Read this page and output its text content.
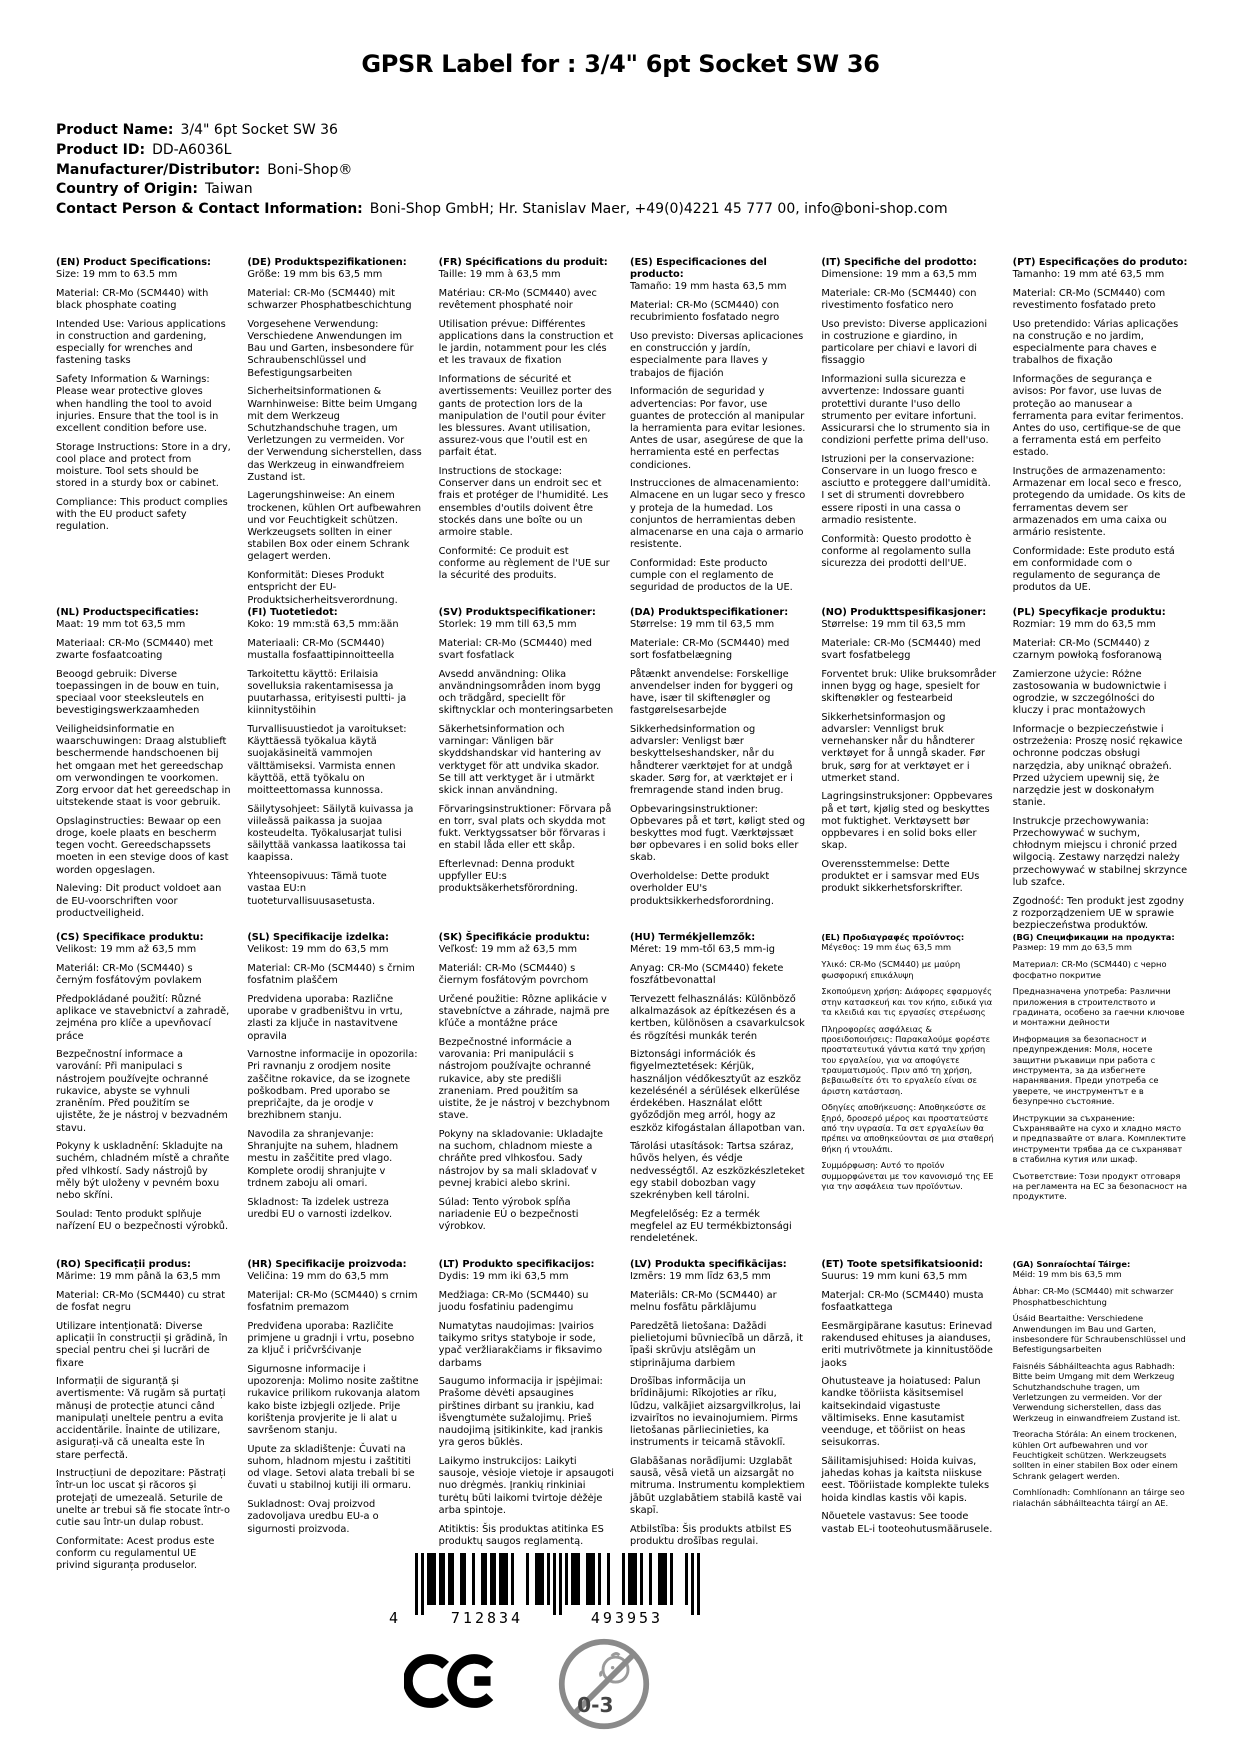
GPSR Label for : 3/4" 6pt Socket SW 36
Product Name: 3/4" 6pt Socket SW 36
Product ID: DD-A6036L
Manufacturer/Distributor: Boni-Shop®
Country of Origin: Taiwan
Contact Person & Contact Information: Boni-Shop GmbH; Hr. Stanislav Maer, +49(0)4221 45 777 00, info@boni-shop.com
(EN) Product Specifications:

Size: 19 mm to 63.5 mm

Material: CR-Mo (SCM440) with black phosphate coating

Intended Use: Various applications in construction and gardening, especially for wrenches and fastening tasks

Safety Information & Warnings: Please wear protective gloves when handling the tool to avoid injuries. Ensure that the tool is in excellent condition before use.

Storage Instructions: Store in a dry, cool place and protect from moisture. Tool sets should be stored in a sturdy box or cabinet.

Compliance: This product complies with the EU product safety regulation.

(DE) Produktspezifikationen:

Größe: 19 mm bis 63,5 mm

Material: CR-Mo (SCM440) mit schwarzer Phosphatbeschichtung

Vorgesehene Verwendung: Verschiedene Anwendungen im Bau und Garten, insbesondere für Schraubenschlüssel und Befestigungsarbeiten

Sicherheitsinformationen & Warnhinweise: Bitte beim Umgang mit dem Werkzeug Schutzhandschuhe tragen, um Verletzungen zu vermeiden. Vor der Verwendung sicherstellen, dass das Werkzeug in einwandfreiem Zustand ist.

Lagerungshinweise: An einem trockenen, kühlen Ort aufbewahren und vor Feuchtigkeit schützen. Werkzeugsets sollten in einer stabilen Box oder einem Schrank gelagert werden.

Konformität: Dieses Produkt entspricht der EU-Produktsicherheitsverordnung.

(FR) Spécifications du produit:

Taille: 19 mm à 63,5 mm

Matériau: CR-Mo (SCM440) avec revêtement phosphaté noir

Utilisation prévue: Différentes applications dans la construction et le jardin, notamment pour les clés et les travaux de fixation

Informations de sécurité et avertissements: Veuillez porter des gants de protection lors de la manipulation de l'outil pour éviter les blessures. Avant utilisation, assurez-vous que l'outil est en parfait état.

Instructions de stockage: Conserver dans un endroit sec et frais et protéger de l'humidité. Les ensembles d'outils doivent être stockés dans une boîte ou un armoire stable.

Conformité: Ce produit est conforme au règlement de l'UE sur la sécurité des produits.

(ES) Especificaciones del producto:

Tamaño: 19 mm hasta 63,5 mm

Material: CR-Mo (SCM440) con recubrimiento fosfatado negro

Uso previsto: Diversas aplicaciones en construcción y jardín, especialmente para llaves y trabajos de fijación

Información de seguridad y advertencias: Por favor, use guantes de protección al manipular la herramienta para evitar lesiones. Antes de usar, asegúrese de que la herramienta esté en perfectas condiciones.

Instrucciones de almacenamiento: Almacene en un lugar seco y fresco y proteja de la humedad. Los conjuntos de herramientas deben almacenarse en una caja o armario resistente.

Conformidad: Este producto cumple con el reglamento de seguridad de productos de la UE.

(IT) Specifiche del prodotto:

Dimensione: 19 mm a 63,5 mm

Materiale: CR-Mo (SCM440) con rivestimento fosfatico nero

Uso previsto: Diverse applicazioni in costruzione e giardino, in particolare per chiavi e lavori di fissaggio

Informazioni sulla sicurezza e avvertenze: Indossare guanti protettivi durante l'uso dello strumento per evitare infortuni. Assicurarsi che lo strumento sia in condizioni perfette prima dell'uso.

Istruzioni per la conservazione: Conservare in un luogo fresco e asciutto e proteggere dall'umidità. I set di strumenti dovrebbero essere riposti in una cassa o armadio resistente.

Conformità: Questo prodotto è conforme al regolamento sulla sicurezza dei prodotti dell'UE.

(PT) Especificações do produto:

Tamanho: 19 mm até 63,5 mm

Material: CR-Mo (SCM440) com revestimento fosfatado preto

Uso pretendido: Várias aplicações na construção e no jardim, especialmente para chaves e trabalhos de fixação

Informações de segurança e avisos: Por favor, use luvas de proteção ao manusear a ferramenta para evitar ferimentos. Antes do uso, certifique-se de que a ferramenta está em perfeito estado.

Instruções de armazenamento: Armazenar em local seco e fresco, protegendo da umidade. Os kits de ferramentas devem ser armazenados em uma caixa ou armário resistente.

Conformidade: Este produto está em conformidade com o regulamento de segurança de produtos da UE.

(NL) Productspecificaties:

Maat: 19 mm tot 63,5 mm

Materiaal: CR-Mo (SCM440) met zwarte fosfaatcoating

Beoogd gebruik: Diverse toepassingen in de bouw en tuin, speciaal voor steeksleutels en bevestigingswerkzaamheden

Veiligheidsinformatie en waarschuwingen: Draag alstublieft beschermende handschoenen bij het omgaan met het gereedschap om verwondingen te voorkomen. Zorg ervoor dat het gereedschap in uitstekende staat is voor gebruik.

Opslaginstructies: Bewaar op een droge, koele plaats en bescherm tegen vocht. Gereedschapssets moeten in een stevige doos of kast worden opgeslagen.

Naleving: Dit product voldoet aan de EU-voorschriften voor productveiligheid.

(FI) Tuotetiedot:

Koko: 19 mm:stä 63,5 mm:ään

Materiaali: CR-Mo (SCM440) mustalla fosfaattipinnoitteella

Tarkoitettu käyttö: Erilaisia sovelluksia rakentamisessa ja puutarhassa, erityisesti pultti- ja kiinnitystöihin

Turvallisuustiedot ja varoitukset: Käyttäessä työkalua käytä suojakäsineitä vammojen välttämiseksi. Varmista ennen käyttöä, että työkalu on moitteettomassa kunnossa.

Säilytysohjeet: Säilytä kuivassa ja viileässä paikassa ja suojaa kosteudelta. Työkalusarjat tulisi säilyttää vankassa laatikossa tai kaapissa.

Yhteensopivuus: Tämä tuote vastaa EU:n tuoteturvallisuusasetusta.

(SV) Produktspecifikationer:

Storlek: 19 mm till 63,5 mm

Material: CR-Mo (SCM440) med svart fosfatlack

Avsedd användning: Olika användningsområden inom bygg och trädgård, speciellt för skiftnycklar och monteringsarbeten

Säkerhetsinformation och varningar: Vänligen bär skyddshandskar vid hantering av verktyget för att undvika skador. Se till att verktyget är i utmärkt skick innan användning.

Förvaringsinstruktioner: Förvara på en torr, sval plats och skydda mot fukt. Verktygssatser bör förvaras i en stabil låda eller ett skåp.

Efterlevnad: Denna produkt uppfyller EU:s produktsäkerhetsförordning.

(DA) Produktspecifikationer:

Størrelse: 19 mm til 63,5 mm

Materiale: CR-Mo (SCM440) med sort fosfatbelægning

Påtænkt anvendelse: Forskellige anvendelser inden for byggeri og have, især til skiftenøgler og fastgørelsesarbejde

Sikkerhedsinformation og advarsler: Venligst bær beskyttelseshandsker, når du håndterer værktøjet for at undgå skader. Sørg for, at værktøjet er i fremragende stand inden brug.

Opbevaringsinstruktioner: Opbevares på et tørt, køligt sted og beskyttes mod fugt. Værktøjssæt bør opbevares i en solid boks eller skab.

Overholdelse: Dette produkt overholder EU's produktsikkerhedsforordning.

(NO) Produkttspesifikasjoner:

Størrelse: 19 mm til 63,5 mm

Materiale: CR-Mo (SCM440) med svart fosfatbelegg

Forventet bruk: Ulike bruksområder innen bygg og hage, spesielt for skiftenøkler og festearbeid

Sikkerhetsinformasjon og advarsler: Vennligst bruk vernehansker når du håndterer verktøyet for å unngå skader. Før bruk, sørg for at verktøyet er i utmerket stand.

Lagringsinstruksjoner: Oppbevares på et tørt, kjølig sted og beskyttes mot fuktighet. Verktøysett bør oppbevares i en solid boks eller skap.

Overensstemmelse: Dette produktet er i samsvar med EUs produkt sikkerhetsforskrifter.

(PL) Specyfikacje produktu:

Rozmiar: 19 mm do 63,5 mm

Materiał: CR-Mo (SCM440) z czarnym powłoką fosforanową

Zamierzone użycie: Różne zastosowania w budownictwie i ogrodzie, w szczególności do kluczy i prac montażowych

Informacje o bezpieczeństwie i ostrzeżenia: Proszę nosić rękawice ochronne podczas obsługi narzędzia, aby uniknąć obrażeń. Przed użyciem upewnij się, że narzędzie jest w doskonałym stanie.

Instrukcje przechowywania: Przechowywać w suchym, chłodnym miejscu i chronić przed wilgocią. Zestawy narzędzi należy przechowywać w stabilnej skrzynce lub szafce.

Zgodność: Ten produkt jest zgodny z rozporządzeniem UE w sprawie bezpieczeństwa produktów.

(CS) Specifikace produktu:

Velikost: 19 mm až 63,5 mm

Materiál: CR-Mo (SCM440) s černým fosfátovým povlakem

Předpokládané použití: Různé aplikace ve stavebnictví a zahradě, zejména pro klíče a upevňovací práce

Bezpečnostní informace a varování: Při manipulaci s nástrojem používejte ochranné rukavice, abyste se vyhnuli zraněním. Před použitím se ujistěte, že je nástroj v bezvadném stavu.

Pokyny k uskladnění: Skladujte na suchém, chladném místě a chraňte před vlhkostí. Sady nástrojů by měly být uloženy v pevném boxu nebo skříni.

Soulad: Tento produkt splňuje nařízení EU o bezpečnosti výrobků.

(SL) Specifikacije izdelka:

Velikost: 19 mm do 63,5 mm

Material: CR-Mo (SCM440) s črnim fosfatnim plaščem

Predvidena uporaba: Različne uporabe v gradbeništvu in vrtu, zlasti za ključe in nastavitvene opravila

Varnostne informacije in opozorila: Pri ravnanju z orodjem nosite zaščitne rokavice, da se izognete poškodbam. Pred uporabo se prepričajte, da je orodje v brezhibnem stanju.

Navodila za shranjevanje: Shranjujte na suhem, hladnem mestu in zaščitite pred vlago. Komplete orodij shranjujte v trdnem zaboju ali omari.

Skladnost: Ta izdelek ustreza uredbi EU o varnosti izdelkov.

(SK) Špecifikácie produktu:

Veľkosť: 19 mm až 63,5 mm

Materiál: CR-Mo (SCM440) s čiernym fosfátovým povrchom

Určené použitie: Rôzne aplikácie v stavebníctve a záhrade, najmä pre kľúče a montážne práce

Bezpečnostné informácie a varovania: Pri manipulácii s nástrojom používajte ochranné rukavice, aby ste predišli zraneniam. Pred použitím sa uistite, že je nástroj v bezchybnom stave.

Pokyny na skladovanie: Ukladajte na suchom, chladnom mieste a chráňte pred vlhkosťou. Sady nástrojov by sa mali skladovať v pevnej krabici alebo skrini.

Súlad: Tento výrobok spĺňa nariadenie EÚ o bezpečnosti výrobkov.

(HU) Termékjellemzők:

Méret: 19 mm-től 63,5 mm-ig

Anyag: CR-Mo (SCM440) fekete foszfátbevonattal

Tervezett felhasználás: Különböző alkalmazások az építkezésen és a kertben, különösen a csavarkulcsok és rögzítési munkák terén

Biztonsági információk és figyelmeztetések: Kérjük, használjon védőkesztyűt az eszköz kezelésénél a sérülések elkerülése érdekében. Használat előtt győződjön meg arról, hogy az eszköz kifogástalan állapotban van.

Tárolási utasítások: Tartsa száraz, hűvös helyen, és védje nedvességtől. Az eszközkészleteket egy stabil dobozban vagy szekrényben kell tárolni.

Megfelelőség: Ez a termék megfelel az EU termékbiztonsági rendeletének.

(EL) Προδιαγραφές προϊόντος:

Μέγεθος: 19 mm έως 63,5 mm

Υλικό: CR-Mo (SCM440) με μαύρη φωσφορική επικάλυψη

Σκοπούμενη χρήση: Διάφορες εφαρμογές στην κατασκευή και τον κήπο, ειδικά για τα κλειδιά και τις εργασίες στερέωσης

Πληροφορίες ασφάλειας & προειδοποιήσεις: Παρακαλούμε φορέστε προστατευτικά γάντια κατά την χρήση του εργαλείου, για να αποφύγετε τραυματισμούς. Πριν από τη χρήση, βεβαιωθείτε ότι το εργαλείο είναι σε άριστη κατάσταση.

Οδηγίες αποθήκευσης: Αποθηκεύστε σε ξηρό, δροσερό μέρος και προστατεύστε από την υγρασία. Τα σετ εργαλείων θα πρέπει να αποθηκεύονται σε μια σταθερή θήκη ή ντουλάπι.

Συμμόρφωση: Αυτό το προϊόν συμμορφώνεται με τον κανονισμό της ΕΕ για την ασφάλεια των προϊόντων.

(BG) Спецификации на продукта:

Размер: 19 mm до 63,5 mm

Материал: CR-Mo (SCM440) с черно фосфатно покритие

Предназначена употреба: Различни приложения в строителството и градината, особено за гаечни ключове и монтажни дейности

Информация за безопасност и предупреждения: Моля, носете защитни ръкавици при работа с инструмента, за да избегнете наранявания. Преди употреба се уверете, че инструментът е в безупречно състояние.

Инструкции за съхранение: Съхранявайте на сухо и хладно място и предпазвайте от влага. Комплектите инструменти трябва да се съхраняват в стабилна кутия или шкаф.

Съответствие: Този продукт отговаря на регламента на ЕС за безопасност на продуктите.

(RO) Specificații produs:

Mărime: 19 mm până la 63,5 mm

Material: CR-Mo (SCM440) cu strat de fosfat negru

Utilizare intenționată: Diverse aplicații în construcții și grădină, în special pentru chei și lucrări de fixare

Informații de siguranță și avertismente: Vă rugăm să purtați mănuși de protecție atunci când manipulați uneltele pentru a evita accidentările. Înainte de utilizare, asigurați-vă că unealta este în stare perfectă.

Instrucțiuni de depozitare: Păstrați într-un loc uscat și răcoros și protejați de umezeală. Seturile de unelte ar trebui să fie stocate într-o cutie sau într-un dulap robust.

Conformitate: Acest produs este conform cu regulamentul UE privind siguranța produselor.

(HR) Specifikacije proizvoda:

Veličina: 19 mm do 63,5 mm

Materijal: CR-Mo (SCM440) s crnim fosfatnim premazom

Predviđena uporaba: Različite primjene u gradnji i vrtu, posebno za ključ i pričvršćivanje

Sigurnosne informacije i upozorenja: Molimo nosite zaštitne rukavice prilikom rukovanja alatom kako biste izbjegli ozljede. Prije korištenja provjerite je li alat u savršenom stanju.

Upute za skladištenje: Čuvati na suhom, hladnom mjestu i zaštititi od vlage. Setovi alata trebali bi se čuvati u stabilnoj kutiji ili ormaru.

Sukladnost: Ovaj proizvod zadovoljava uredbu EU-a o sigurnosti proizvoda.

(LT) Produkto specifikacijos:

Dydis: 19 mm iki 63,5 mm

Medžiaga: CR-Mo (SCM440) su juodu fosfatiniu padengimu

Numatytas naudojimas: Įvairios taikymo sritys statyboje ir sode, ypač veržliarakčiams ir fiksavimo darbams

Saugumo informacija ir įspėjimai: Prašome dėvėti apsaugines pirštines dirbant su įrankiu, kad išvengtumėte sužalojimų. Prieš naudojimą įsitikinkite, kad įrankis yra geros būklės.

Laikymo instrukcijos: Laikyti sausoje, vėsioje vietoje ir apsaugoti nuo drėgmės. Įrankių rinkiniai turėtų būti laikomi tvirtoje dėžėje arba spintoje.

Atitiktis: Šis produktas atitinka ES produktų saugos reglamentą.

(LV) Produkta specifikācijas:

Izmērs: 19 mm līdz 63,5 mm

Materiāls: CR-Mo (SCM440) ar melnu fosfātu pārklājumu

Paredzētā lietošana: Dažādi pielietojumi būvniecībā un dārzā, it īpaši skrūvju atslēgām un stiprinājuma darbiem

Drošības informācija un brīdinājumi: Rīkojoties ar rīku, lūdzu, valkājiet aizsargvilkroļus, lai izvairītos no ievainojumiem. Pirms lietošanas pārliecinieties, ka instruments ir teicamā stāvoklī.

Glabāšanas norādījumi: Uzglabāt sausā, vēsā vietā un aizsargāt no mitruma. Instrumentu komplektiem jābūt uzglabātiem stabilā kastē vai skapī.

Atbilstība: Šis produkts atbilst ES produktu drošības regulai.

(ET) Toote spetsifikatsioonid:

Suurus: 19 mm kuni 63,5 mm

Materjal: CR-Mo (SCM440) musta fosfaatkattega

Eesmärgipärane kasutus: Erinevad rakendused ehituses ja aianduses, eriti mutrivõtmete ja kinnitustööde jaoks

Ohutusteave ja hoiatused: Palun kandke tööriista käsitsemisel kaitsekindaid vigastuste vältimiseks. Enne kasutamist veenduge, et tööriist on heas seisukorras.

Säilitamisjuhised: Hoida kuivas, jahedas kohas ja kaitsta niiskuse eest. Tööriistade komplekte tuleks hoida kindlas kastis või kapis.

Nõuetele vastavus: See toode vastab EL-i tooteohutusmäärusele.

(GA) Sonraíochtaí Táirge:

Méid: 19 mm bis 63,5 mm

Ábhar: CR-Mo (SCM440) mit schwarzer Phosphatbeschichtung

Úsáid Beartaithe: Verschiedene Anwendungen im Bau und Garten, insbesondere für Schraubenschlüssel und Befestigungsarbeiten

Faisnéis Sábháilteachta agus Rabhadh: Bitte beim Umgang mit dem Werkzeug Schutzhandschuhe tragen, um Verletzungen zu vermeiden. Vor der Verwendung sicherstellen, dass das Werkzeug in einwandfreiem Zustand ist.

Treoracha Stórála: An einem trockenen, kühlen Ort aufbewahren und vor Feuchtigkeit schützen. Werkzeugsets sollten in einer stabilen Box oder einem Schrank gelagert werden.

Comhlíonadh: Comhlíonann an táirge seo rialachán sábháilteachta táirgí an AE.

4	712834	493953
0-3
